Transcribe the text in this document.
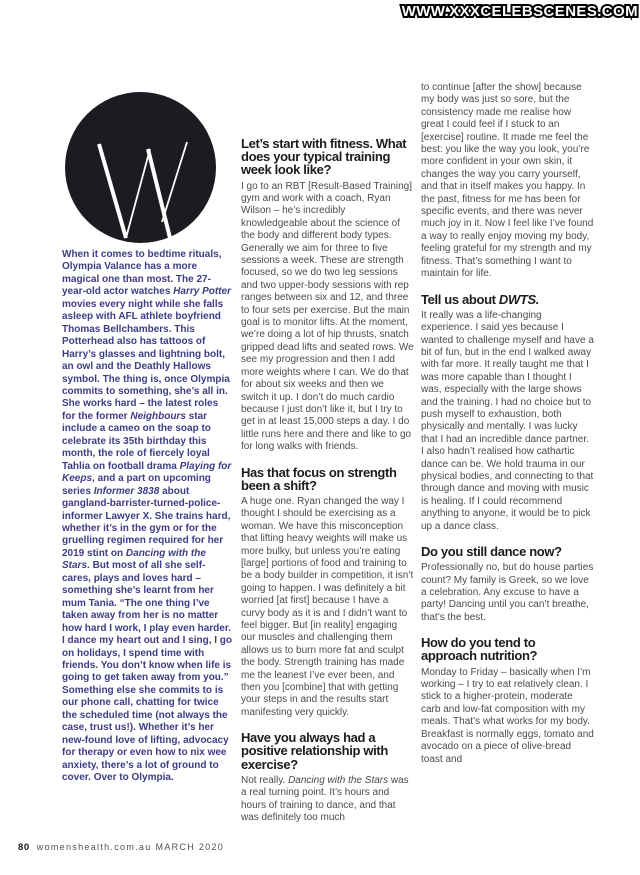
WWW.XXXCELEBSCENES.COM
When it comes to bedtime rituals, Olympia Valance has a more magical one than most. The 27-year-old actor watches Harry Potter movies every night while she falls asleep with AFL athlete boyfriend Thomas Bellchambers. This Potterhead also has tattoos of Harry’s glasses and lightning bolt, an owl and the Deathly Hallows symbol. The thing is, once Olympia commits to something, she’s all in. She works hard – the latest roles for the former Neighbours star include a cameo on the soap to celebrate its 35th birthday this month, the role of fiercely loyal Tahlia on football drama Playing for Keeps, and a part on upcoming series Informer 3838 about gangland-barrister-turned-police-informer Lawyer X. She trains hard, whether it’s in the gym or for the gruelling regimen required for her 2019 stint on Dancing with the Stars. But most of all she self-cares, plays and loves hard – something she’s learnt from her mum Tania. “The one thing I’ve taken away from her is no matter how hard I work, I play even harder. I dance my heart out and I sing, I go on holidays, I spend time with friends. You don’t know when life is going to get taken away from you.” Something else she commits to is our phone call, chatting for twice the scheduled time (not always the case, trust us!). Whether it’s her new-found love of lifting, advocacy for therapy or even how to nix wee anxiety, there’s a lot of ground to cover. Over to Olympia.
Let’s start with fitness. What does your typical training week look like?

I go to an RBT [Result-Based Training] gym and work with a coach, Ryan Wilson – he’s incredibly knowledgeable about the science of the body and different body types. Generally we aim for three to five sessions a week. These are strength focused, so we do two leg sessions and two upper-body sessions with rep ranges between six and 12, and three to four sets per exercise. But the main goal is to monitor lifts. At the moment, we’re doing a lot of hip thrusts, snatch gripped dead lifts and seated rows. We see my progression and then I add more weights where I can. We do that for about six weeks and then we switch it up. I don’t do much cardio because I just don’t like it, but I try to get in at least 15,000 steps a day. I do little runs here and there and like to go for long walks with friends.

Has that focus on strength been a shift?

A huge one. Ryan changed the way I thought I should be exercising as a woman. We have this misconception that lifting heavy weights will make us more bulky, but unless you’re eating [large] portions of food and training to be a body builder in competition, it isn’t going to happen. I was definitely a bit worried [at first] because I have a curvy body as it is and I didn’t want to feel bigger. But [in reality] engaging our muscles and challenging them allows us to burn more fat and sculpt the body. Strength training has made me the leanest I’ve ever been, and then you [combine] that with getting your steps in and the results start manifesting very quickly.

Have you always had a positive relationship with exercise?

Not really. Dancing with the Stars was a real turning point. It’s hours and hours of training to dance, and that was definitely too much

to continue [after the show] because my body was just so sore, but the consistency made me realise how great I could feel if I stuck to an [exercise] routine. It made me feel the best: you like the way you look, you’re more confident in your own skin, it changes the way you carry yourself, and that in itself makes you happy. In the past, fitness for me has been for specific events, and there was never much joy in it. Now I feel like I’ve found a way to really enjoy moving my body, feeling grateful for my strength and my fitness. That’s something I want to maintain for life.

Tell us about DWTS.

It really was a life-changing experience. I said yes because I wanted to challenge myself and have a bit of fun, but in the end I walked away with far more. It really taught me that I was more capable than I thought I was, especially with the large shows and the training. I had no choice but to push myself to exhaustion, both physically and mentally. I was lucky that I had an incredible dance partner. I also hadn’t realised how cathartic dance can be. We hold trauma in our physical bodies, and connecting to that through dance and moving with music is healing. If I could recommend anything to anyone, it would be to pick up a dance class.

Do you still dance now?

Professionally no, but do house parties count? My family is Greek, so we love a celebration. Any excuse to have a party! Dancing until you can’t breathe, that’s the best.

How do you tend to approach nutrition?

Monday to Friday – basically when I’m working – I try to eat relatively clean. I stick to a higher-protein, moderate carb and low-fat composition with my meals. That’s what works for my body. Breakfast is normally eggs, tomato and avocado on a piece of olive-bread toast and

80 womenshealth.com.au MARCH 2020
